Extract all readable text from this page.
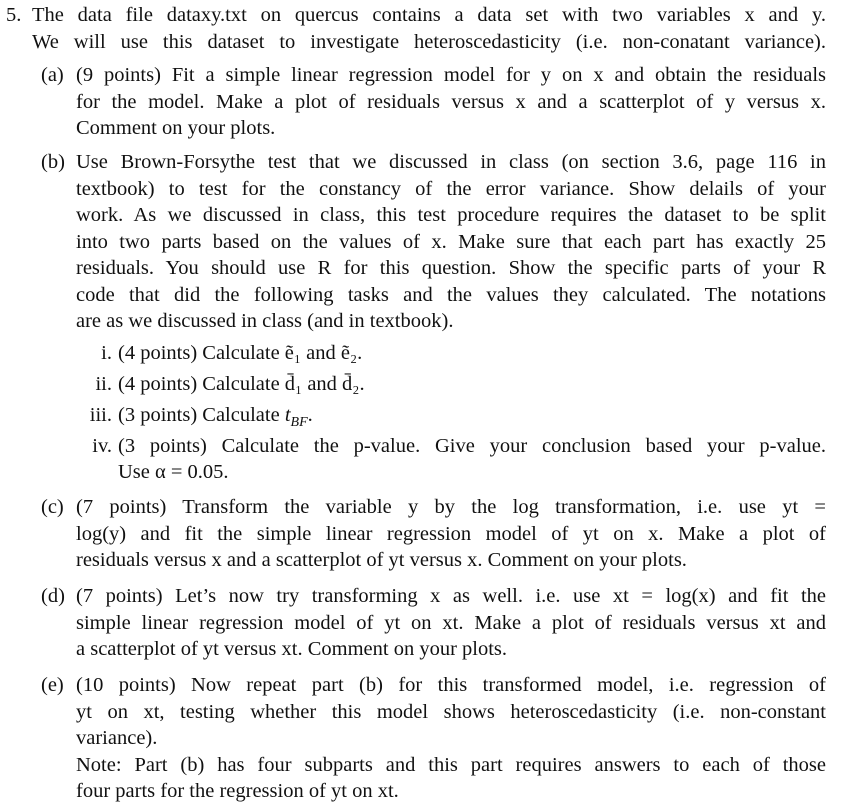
5. The data file dataxy.txt on quercus contains a data set with two variables x and y.
We will use this dataset to investigate heteroscedasticity (i.e. non-conatant variance).
(a) (9 points) Fit a simple linear regression model for y on x and obtain the residuals
for the model. Make a plot of residuals versus x and a scatterplot of y versus x.
Comment on your plots.
(b) Use Brown-Forsythe test that we discussed in class (on section 3.6, page 116 in
textbook) to test for the constancy of the error variance. Show delails of your
work. As we discussed in class, this test procedure requires the dataset to be split
into two parts based on the values of x. Make sure that each part has exactly 25
residuals. You should use R for this question. Show the specific parts of your R
code that did the following tasks and the values they calculated. The notations
are as we discussed in class (and in textbook).
i. (4 points) Calculate ẽ₁ and ẽ₂.
ii. (4 points) Calculate d̄₁ and d̄₂.
iii. (3 points) Calculate $t_{BF}$.
iv. (3 points) Calculate the p-value. Give your conclusion based your p-value.
Use α = 0.05.
(c) (7 points) Transform the variable y by the log transformation, i.e. use yt =
log(y) and fit the simple linear regression model of yt on x. Make a plot of
residuals versus x and a scatterplot of yt versus x. Comment on your plots.
(d) (7 points) Let’s now try transforming x as well. i.e. use xt = log(x) and fit the
simple linear regression model of yt on xt. Make a plot of residuals versus xt and
a scatterplot of yt versus xt. Comment on your plots.
(e) (10 points) Now repeat part (b) for this transformed model, i.e. regression of
yt on xt, testing whether this model shows heteroscedasticity (i.e. non-constant
variance).
Note: Part (b) has four subparts and this part requires answers to each of those
four parts for the regression of yt on xt.
